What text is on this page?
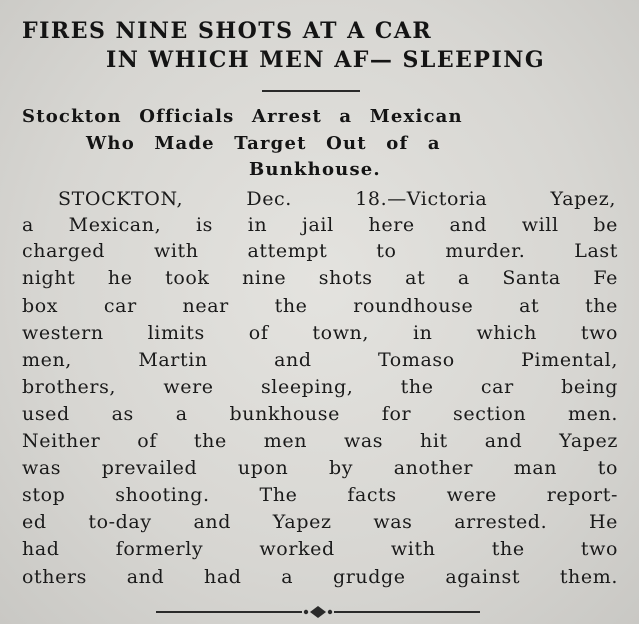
FIRES NINE SHOTS AT A CAR
IN WHICH MEN AF— SLEEPING
Stockton Officials Arrest a Mexican
Who Made Target Out of a
Bunkhouse.
STOCKTON, Dec. 18.—Victoria Yapez,
a Mexican, is in jail here and will be
charged with attempt to murder. Last
night he took nine shots at a Santa Fe
box car near the roundhouse at the
western limits of town, in which two
men, Martin and Tomaso Pimental,
brothers, were sleeping, the car being
used as a bunkhouse for section men.
Neither of the men was hit and Yapez
was prevailed upon by another man to
stop shooting. The facts were report-
ed to-day and Yapez was arrested. He
had formerly worked with the two
others and had a grudge against them.
